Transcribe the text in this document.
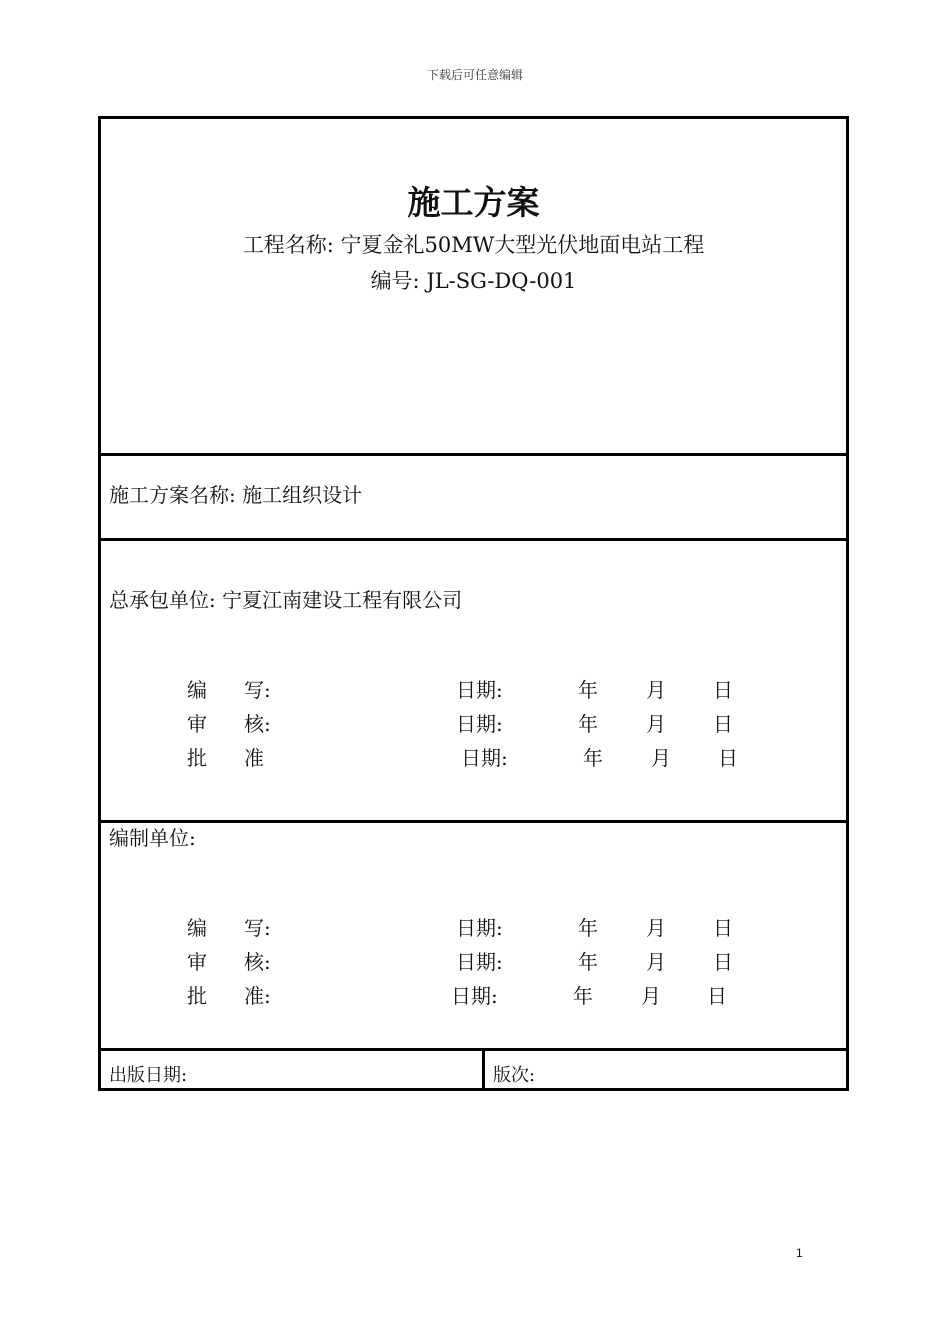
下载后可任意编辑
施工方案
工程名称: 宁夏金礼50MW大型光伏地面电站工程
编号: JL-SG-DQ-001
施工方案名称: 施工组织设计
总承包单位: 宁夏江南建设工程有限公司
编 写:	日期:	年 月 日
审 核:	日期:	年 月 日
批 准	日期:	年 月 日
编制单位:
编 写:	日期:	年 月 日
审 核:	日期:	年 月 日
批 准:	日期:	年 月 日
出版日期:	版次:
1
